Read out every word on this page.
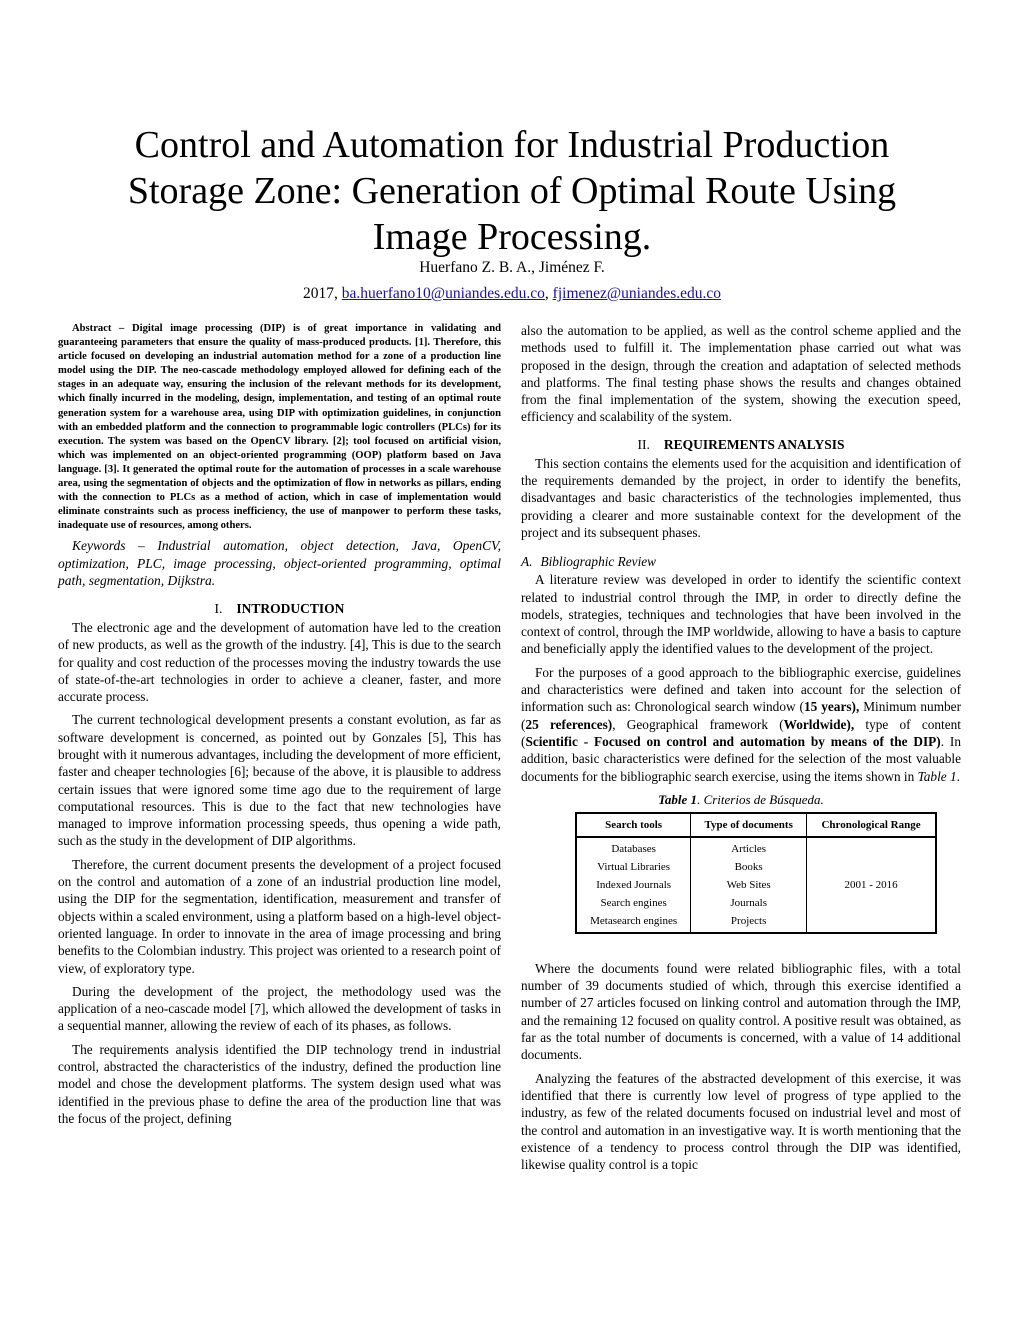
Control and Automation for Industrial Production Storage Zone: Generation of Optimal Route Using Image Processing.
Huerfano Z. B. A., Jiménez F.
2017, ba.huerfano10@uniandes.edu.co, fjimenez@uniandes.edu.co

Abstract – Digital image processing (DIP) is of great importance in validating and guaranteeing parameters that ensure the quality of mass-produced products. [1]. Therefore, this article focused on developing an industrial automation method for a zone of a production line model using the DIP. The neo-cascade methodology employed allowed for defining each of the stages in an adequate way, ensuring the inclusion of the relevant methods for its development, which finally incurred in the modeling, design, implementation, and testing of an optimal route generation system for a warehouse area, using DIP with optimization guidelines, in conjunction with an embedded platform and the connection to programmable logic controllers (PLCs) for its execution. The system was based on the OpenCV library. [2]; tool focused on artificial vision, which was implemented on an object-oriented programming (OOP) platform based on Java language. [3]. It generated the optimal route for the automation of processes in a scale warehouse area, using the segmentation of objects and the optimization of flow in networks as pillars, ending with the connection to PLCs as a method of action, which in case of implementation would eliminate constraints such as process inefficiency, the use of manpower to perform these tasks, inadequate use of resources, among others.

Keywords – Industrial automation, object detection, Java, OpenCV, optimization, PLC, image processing, object-oriented programming, optimal path, segmentation, Dijkstra.

I. INTRODUCTION

The electronic age and the development of automation have led to the creation of new products, as well as the growth of the industry. [4], This is due to the search for quality and cost reduction of the processes moving the industry towards the use of state-of-the-art technologies in order to achieve a cleaner, faster, and more accurate process.

The current technological development presents a constant evolution, as far as software development is concerned, as pointed out by Gonzales [5], This has brought with it numerous advantages, including the development of more efficient, faster and cheaper technologies [6]; because of the above, it is plausible to address certain issues that were ignored some time ago due to the requirement of large computational resources. This is due to the fact that new technologies have managed to improve information processing speeds, thus opening a wide path, such as the study in the development of DIP algorithms.

Therefore, the current document presents the development of a project focused on the control and automation of a zone of an industrial production line model, using the DIP for the segmentation, identification, measurement and transfer of objects within a scaled environment, using a platform based on a high-level object-oriented language. In order to innovate in the area of image processing and bring benefits to the Colombian industry. This project was oriented to a research point of view, of exploratory type.

During the development of the project, the methodology used was the application of a neo-cascade model [7], which allowed the development of tasks in a sequential manner, allowing the review of each of its phases, as follows.

The requirements analysis identified the DIP technology trend in industrial control, abstracted the characteristics of the industry, defined the production line model and chose the development platforms. The system design used what was identified in the previous phase to define the area of the production line that was the focus of the project, defining

also the automation to be applied, as well as the control scheme applied and the methods used to fulfill it. The implementation phase carried out what was proposed in the design, through the creation and adaptation of selected methods and platforms. The final testing phase shows the results and changes obtained from the final implementation of the system, showing the execution speed, efficiency and scalability of the system.

II. REQUIREMENTS ANALYSIS

This section contains the elements used for the acquisition and identification of the requirements demanded by the project, in order to identify the benefits, disadvantages and basic characteristics of the technologies implemented, thus providing a clearer and more sustainable context for the development of the project and its subsequent phases.

A. Bibliographic Review

A literature review was developed in order to identify the scientific context related to industrial control through the IMP, in order to directly define the models, strategies, techniques and technologies that have been involved in the context of control, through the IMP worldwide, allowing to have a basis to capture and beneficially apply the identified values to the development of the project.

For the purposes of a good approach to the bibliographic exercise, guidelines and characteristics were defined and taken into account for the selection of information such as: Chronological search window (15 years), Minimum number (25 references), Geographical framework (Worldwide), type of content (Scientific - Focused on control and automation by means of the DIP). In addition, basic characteristics were defined for the selection of the most valuable documents for the bibliographic search exercise, using the items shown in Table 1.

Table 1. Criterios de Búsqueda.
Search tools	Type of documents	Chronological Range
Databases	Articles	2001 - 2016
Virtual Libraries	Books	
Indexed Journals	Web Sites	
Search engines	Journals	
Metasearch engines	Projects	

Where the documents found were related bibliographic files, with a total number of 39 documents studied of which, through this exercise identified a number of 27 articles focused on linking control and automation through the IMP, and the remaining 12 focused on quality control. A positive result was obtained, as far as the total number of documents is concerned, with a value of 14 additional documents.

Analyzing the features of the abstracted development of this exercise, it was identified that there is currently low level of progress of type applied to the industry, as few of the related documents focused on industrial level and most of the control and automation in an investigative way. It is worth mentioning that the existence of a tendency to process control through the DIP was identified, likewise quality control is a topic
